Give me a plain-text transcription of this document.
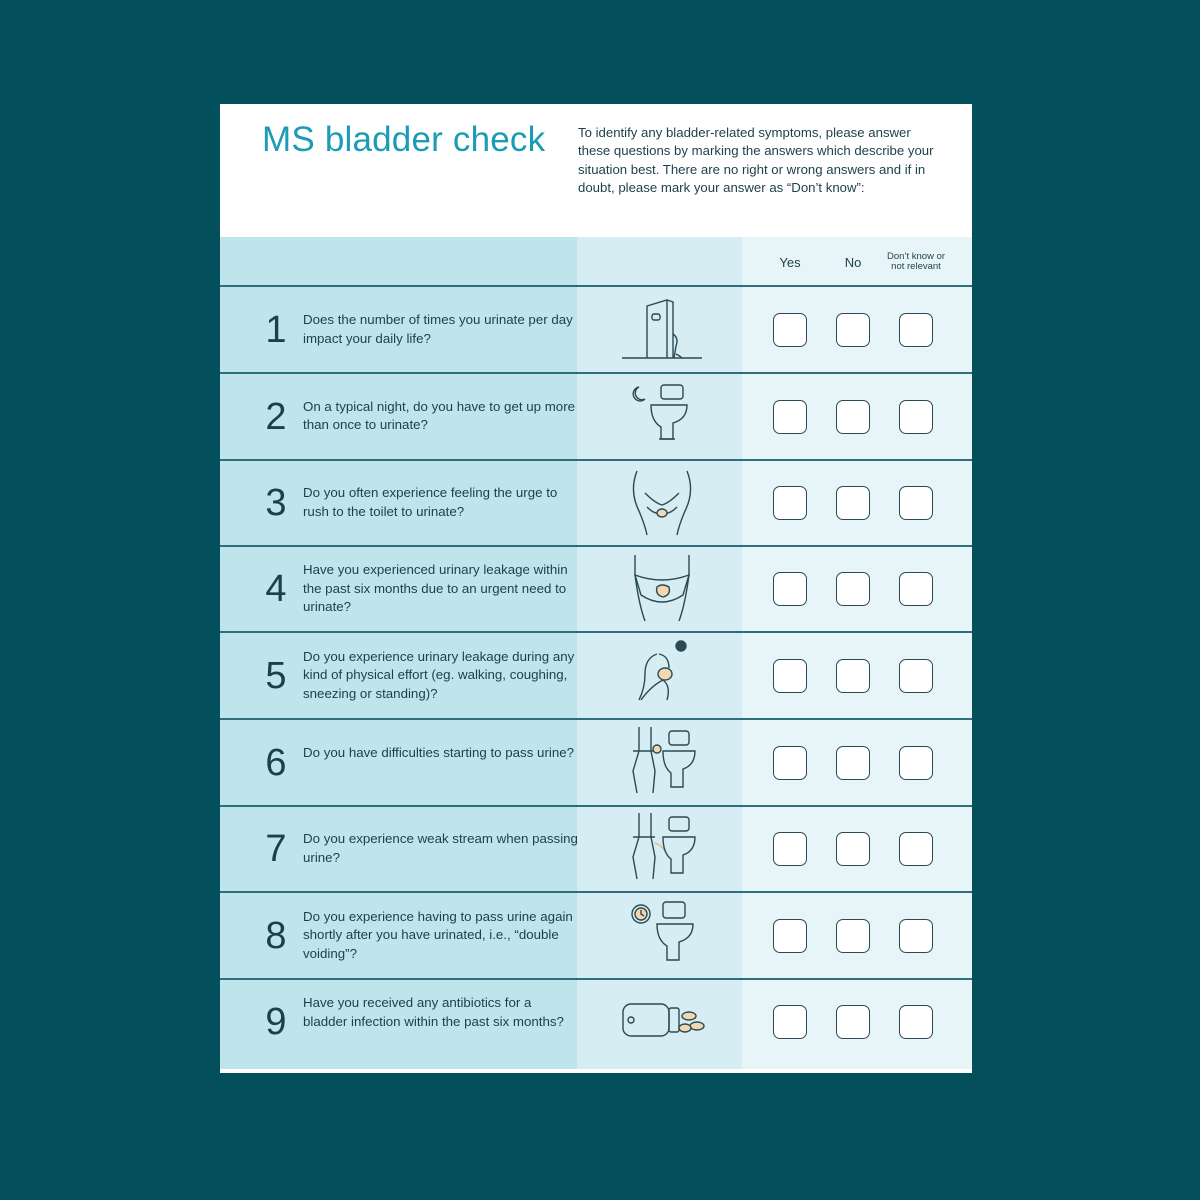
MS bladder check To identify any bladder-related symptoms, please answer these questions by marking the answers which describe your situation best. There are no right or wrong answers and if in doubt, please mark your answer as “Don’t know”:

Yes	No	Don’t know or not relevant
1	Does the number of times you urinate per day impact your daily life?

2	On a typical night, do you have to get up more than once to urinate?

3	Do you often experience feeling the urge to rush to the toilet to urinate?

4	Have you experienced urinary leakage within the past six months due to an urgent need to urinate?

5	Do you experience urinary leakage during any kind of physical effort (eg. walking, coughing, sneezing or standing)?

6	Do you have difficulties starting to pass urine?

7	Do you experience weak stream when passing urine?

8	Do you experience having to pass urine again shortly after you have urinated, i.e., “double voiding”?

9	Have you received any antibiotics for a bladder infection within the past six months?
